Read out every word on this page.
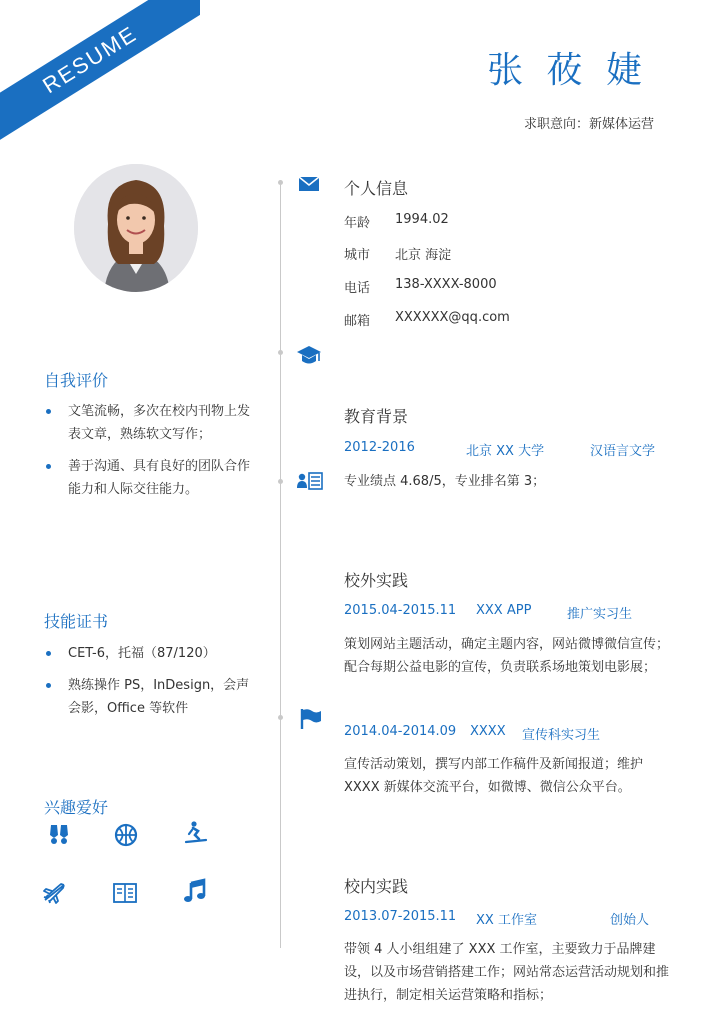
RESUME	张 莜 婕
求职意向：新媒体运营
自我评价
文笔流畅，多次在校内刊物上发表文章，熟练软文写作；
善于沟通、具有良好的团队合作能力和人际交往能力。
技能证书
CET-6，托福（87/120）
熟练操作 PS，InDesign，会声会影，Office 等软件
兴趣爱好
个人信息
年龄 1994.02
城市 北京 海淀
电话 138-XXXX-8000
邮箱 XXXXXX@qq.com
教育背景
2012-2016	北京 XX 大学	汉语言文学
专业绩点 4.68/5，专业排名第 3；
校外实践
2015.04-2015.11 XXX APP	推广实习生
策划网站主题活动，确定主题内容，网站微博微信宣传；配合每期公益电影的宣传，负责联系场地策划电影展；
2014.04-2014.09 XXXX 宣传科实习生
宣传活动策划，撰写内部工作稿件及新闻报道；维护 XXXX 新媒体交流平台，如微博、微信公众平台。
校内实践
2013.07-2015.11 XX 工作室	创始人
带领 4 人小组组建了 XXX 工作室，主要致力于品牌建设，以及市场营销搭建工作；网站常态运营活动规划和推进执行，制定相关运营策略和指标；
